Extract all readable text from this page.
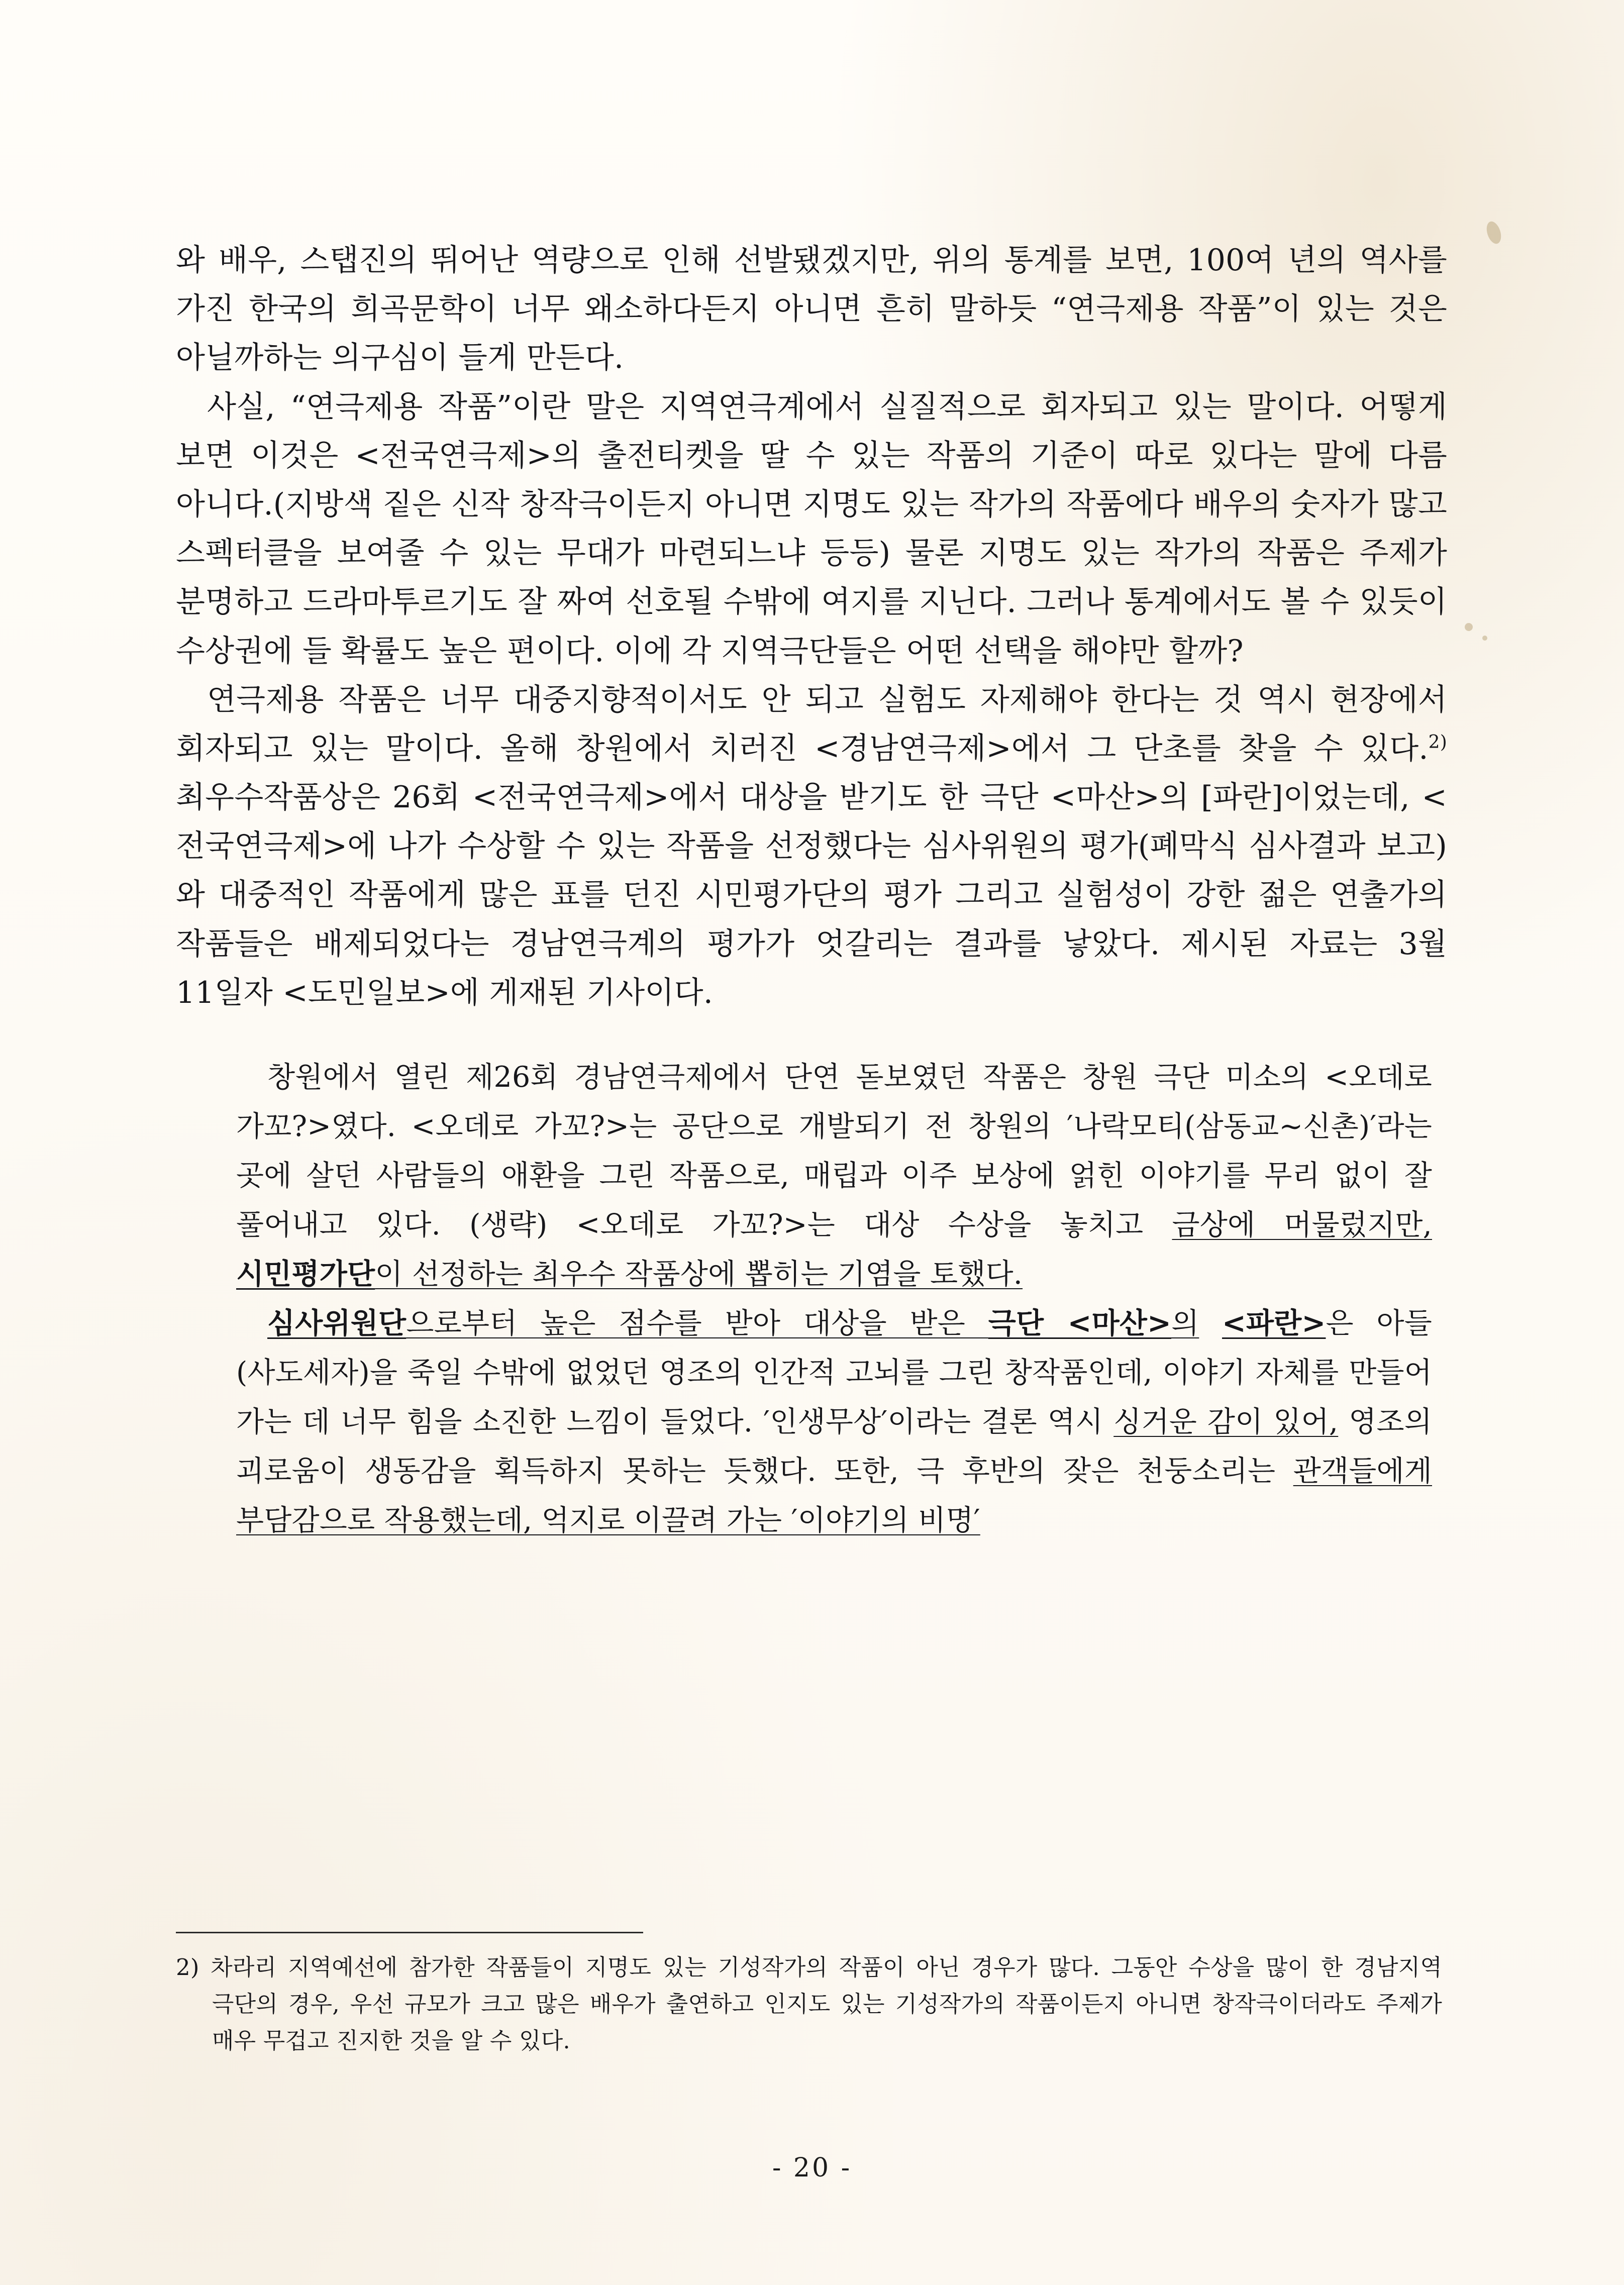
와 배우, 스탭진의 뛰어난 역량으로 인해 선발됐겠지만, 위의 통계를 보면, 100여 년의 역사를 가진 한국의 희곡문학이 너무 왜소하다든지 아니면 흔히 말하듯 “연극제용 작품”이 있는 것은 아닐까하는 의구심이 들게 만든다.

사실, “연극제용 작품”이란 말은 지역연극계에서 실질적으로 회자되고 있는 말이다. 어떻게 보면 이것은 <전국연극제>의 출전티켓을 딸 수 있는 작품의 기준이 따로 있다는 말에 다름 아니다.(지방색 짙은 신작 창작극이든지 아니면 지명도 있는 작가의 작품에다 배우의 숫자가 많고 스펙터클을 보여줄 수 있는 무대가 마련되느냐 등등) 물론 지명도 있는 작가의 작품은 주제가 분명하고 드라마투르기도 잘 짜여 선호될 수밖에 여지를 지닌다. 그러나 통계에서도 볼 수 있듯이 수상권에 들 확률도 높은 편이다. 이에 각 지역극단들은 어떤 선택을 해야만 할까?

연극제용 작품은 너무 대중지향적이서도 안 되고 실험도 자제해야 한다는 것 역시 현장에서 회자되고 있는 말이다. 올해 창원에서 치러진 <경남연극제>에서 그 단초를 찾을 수 있다.$^{2)}$ 최우수작품상은 26회 <전국연극제>에서 대상을 받기도 한 극단 <마산>의 [파란]이었는데, <전국연극제>에 나가 수상할 수 있는 작품을 선정했다는 심사위원의 평가(폐막식 심사결과 보고)와 대중적인 작품에게 많은 표를 던진 시민평가단의 평가 그리고 실험성이 강한 젊은 연출가의 작품들은 배제되었다는 경남연극계의 평가가 엇갈리는 결과를 낳았다. 제시된 자료는 3월 11일자 <도민일보>에 게재된 기사이다.

창원에서 열린 제26회 경남연극제에서 단연 돋보였던 작품은 창원 극단 미소의 <오데로 가꼬?>였다. <오데로 가꼬?>는 공단으로 개발되기 전 창원의 ′나락모티(삼동교~신촌)′라는 곳에 살던 사람들의 애환을 그린 작품으로, 매립과 이주 보상에 얽힌 이야기를 무리 없이 잘 풀어내고 있다. (생략) <오데로 가꼬?>는 대상 수상을 놓치고 금상에 머물렀지만, 시민평가단이 선정하는 최우수 작품상에 뽑히는 기염을 토했다.

심사위원단으로부터 높은 점수를 받아 대상을 받은 극단 <마산>의 <파란>은 아들(사도세자)을 죽일 수밖에 없었던 영조의 인간적 고뇌를 그린 창작품인데, 이야기 자체를 만들어 가는 데 너무 힘을 소진한 느낌이 들었다. ′인생무상′이라는 결론 역시 싱거운 감이 있어, 영조의 괴로움이 생동감을 획득하지 못하는 듯했다. 또한, 극 후반의 잦은 천둥소리는 관객들에게 부담감으로 작용했는데, 억지로 이끌려 가는 ′이야기의 비명′

2) 차라리 지역예선에 참가한 작품들이 지명도 있는 기성작가의 작품이 아닌 경우가 많다. 그동안 수상을 많이 한 경남지역 극단의 경우, 우선 규모가 크고 많은 배우가 출연하고 인지도 있는 기성작가의 작품이든지 아니면 창작극이더라도 주제가 매우 무겁고 진지한 것을 알 수 있다.

- 20 -
